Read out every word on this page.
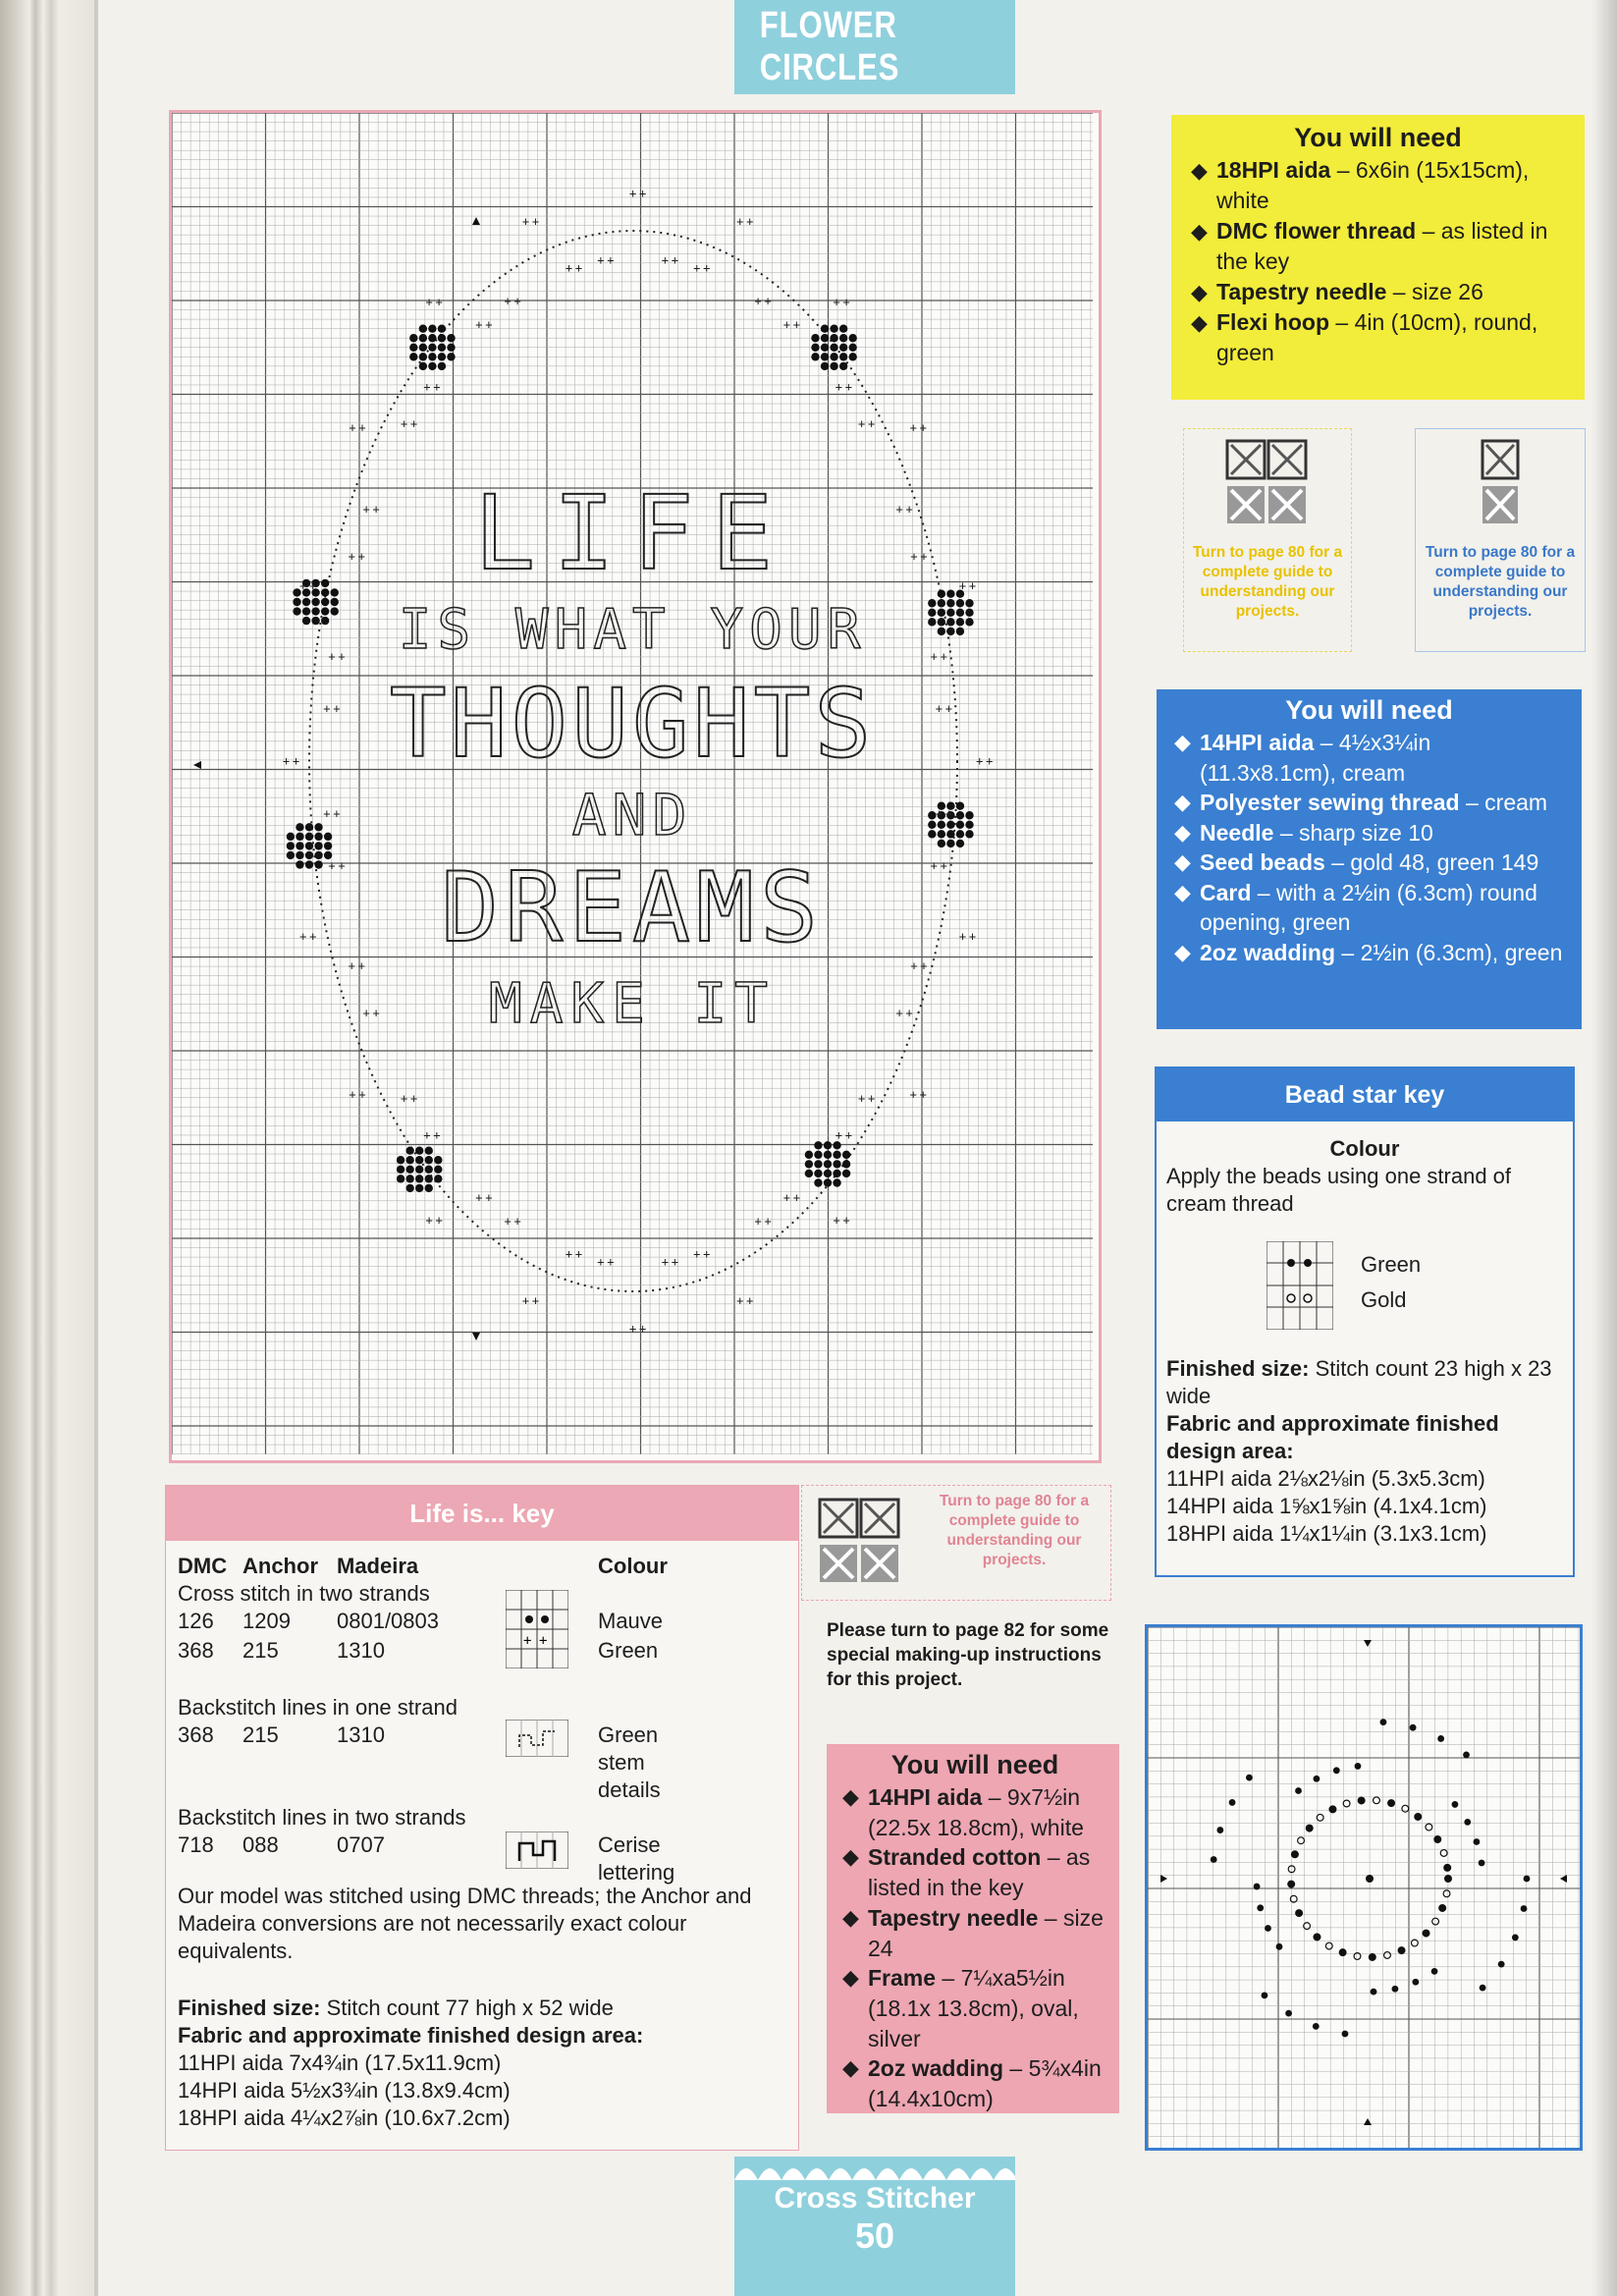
FLOWER CIRCLES
+ +
+ +
+ +
+ +
+ +
+ +
+ +
+ +
+ +
+ +
+ +
+ +
+ +
+ +
+ +
+ +
+ +
+ +
+ +
+ +
+ +
+ +
+ +
+ +
+ +
+ +
+ +
+ +
+ +
+ +
+ +
+ +
+ +
+ +
+ +
+ +
+ +	+ +
+ +
+ +
+ +
+ +
+ +
+ +
+ +
+ +
+ +
+ +
+ +
+ +
+ +
+ +
+ +
+ +	+ +
+ +
+ +
+ +
+ +
+ +
LIFE
IS WHAT YOUR
THOUGHTS
AND
DREAMS
MAKE IT
You will need
◆ 18HPI aida – 6x6in (15x15cm), white
◆ DMC flower thread – as listed in the key
◆ Tapestry needle – size 26
◆ Flexi hoop – 4in (10cm), round, green
Turn to page 80 for a complete guide to understanding our projects.
Turn to page 80 for a complete guide to understanding our projects.
You will need
◆ 14HPI aida – 4½x3¼in (11.3x8.1cm), cream
◆ Polyester sewing thread – cream
◆ Needle – sharp size 10
◆ Seed beads – gold 48, green 149
◆ Card – with a 2½in (6.3cm) round opening, green
◆ 2oz wadding – 2½in (6.3cm), green
Bead star key
Colour
Apply the beads using one strand of cream thread
Green
Gold
Finished size: Stitch count 23 high x 23 wide
Fabric and approximate finished design area:
11HPI aida 2⅛x2⅛in (5.3x5.3cm)
14HPI aida 1⅝x1⅝in (4.1x4.1cm)
18HPI aida 1¼x1¼in (3.1x3.1cm)
Life is... key
DMC Anchor Madeira	Colour
Cross stitch in two strands
126 1209 0801/0803	Mauve
368 215	1310	Green
+ +
Backstitch lines in one strand
368 215	1310	Green stem details
Backstitch lines in two strands
718 088	0707	Cerise lettering
Our model was stitched using DMC threads; the Anchor and Madeira conversions are not necessarily exact colour equivalents.
Finished size: Stitch count 77 high x 52 wide
Fabric and approximate finished design area:
11HPI aida 7x4¾in (17.5x11.9cm)
14HPI aida 5½x3¾in (13.8x9.4cm)
18HPI aida 4¼x2⅞in (10.6x7.2cm)
Turn to page 80 for a complete guide to understanding our projects.
Please turn to page 82 for some special making-up instructions for this project.
You will need
◆ 14HPI aida – 9x7½in (22.5x 18.8cm), white
◆ Stranded cotton – as listed in the key
◆ Tapestry needle – size 24
◆ Frame – 7¼xa5½in (18.1x 13.8cm), oval, silver
◆ 2oz wadding – 5¾x4in (14.4x10cm)
Cross Stitcher
50
